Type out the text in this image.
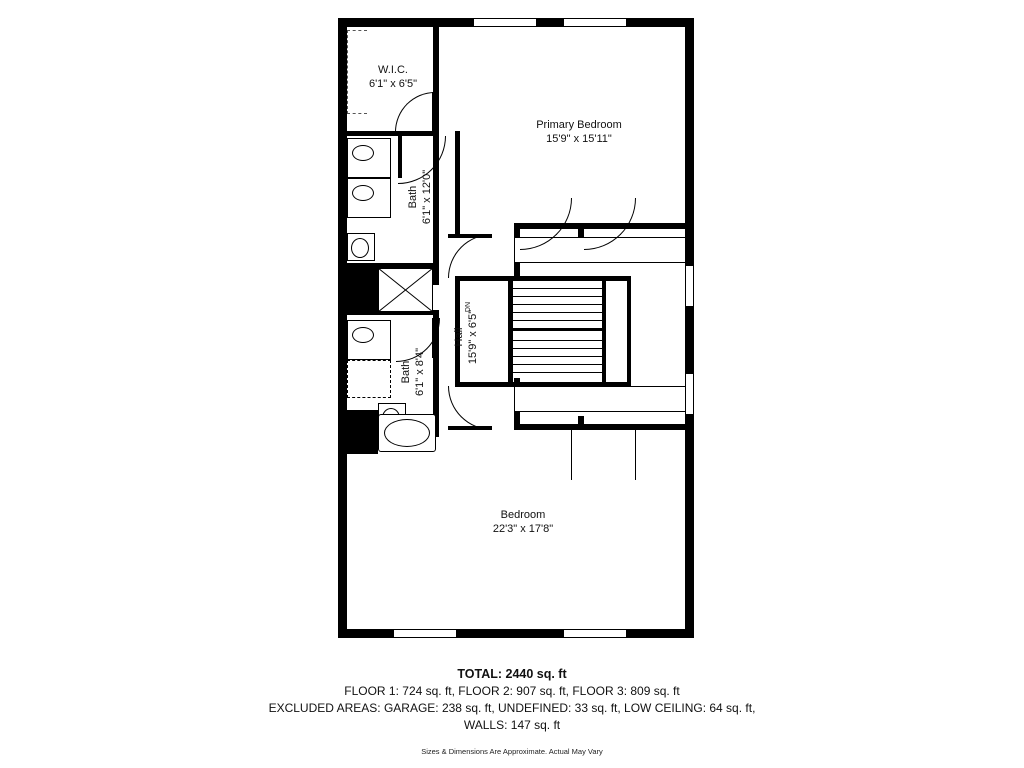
W.I.C.
6'1" x 6'5"
Bath 6'1" x 12'0"
Bath 6'1" x 8'4"
Hall 15'9" x 6'5"
DN
Primary Bedroom
15'9" x 15'11"
Bedroom
22'3" x 17'8"
TOTAL: 2440 sq. ft
FLOOR 1: 724 sq. ft, FLOOR 2: 907 sq. ft, FLOOR 3: 809 sq. ft
EXCLUDED AREAS: GARAGE: 238 sq. ft, UNDEFINED: 33 sq. ft, LOW CEILING: 64 sq. ft,
WALLS: 147 sq. ft
Sizes & Dimensions Are Approximate. Actual May Vary
